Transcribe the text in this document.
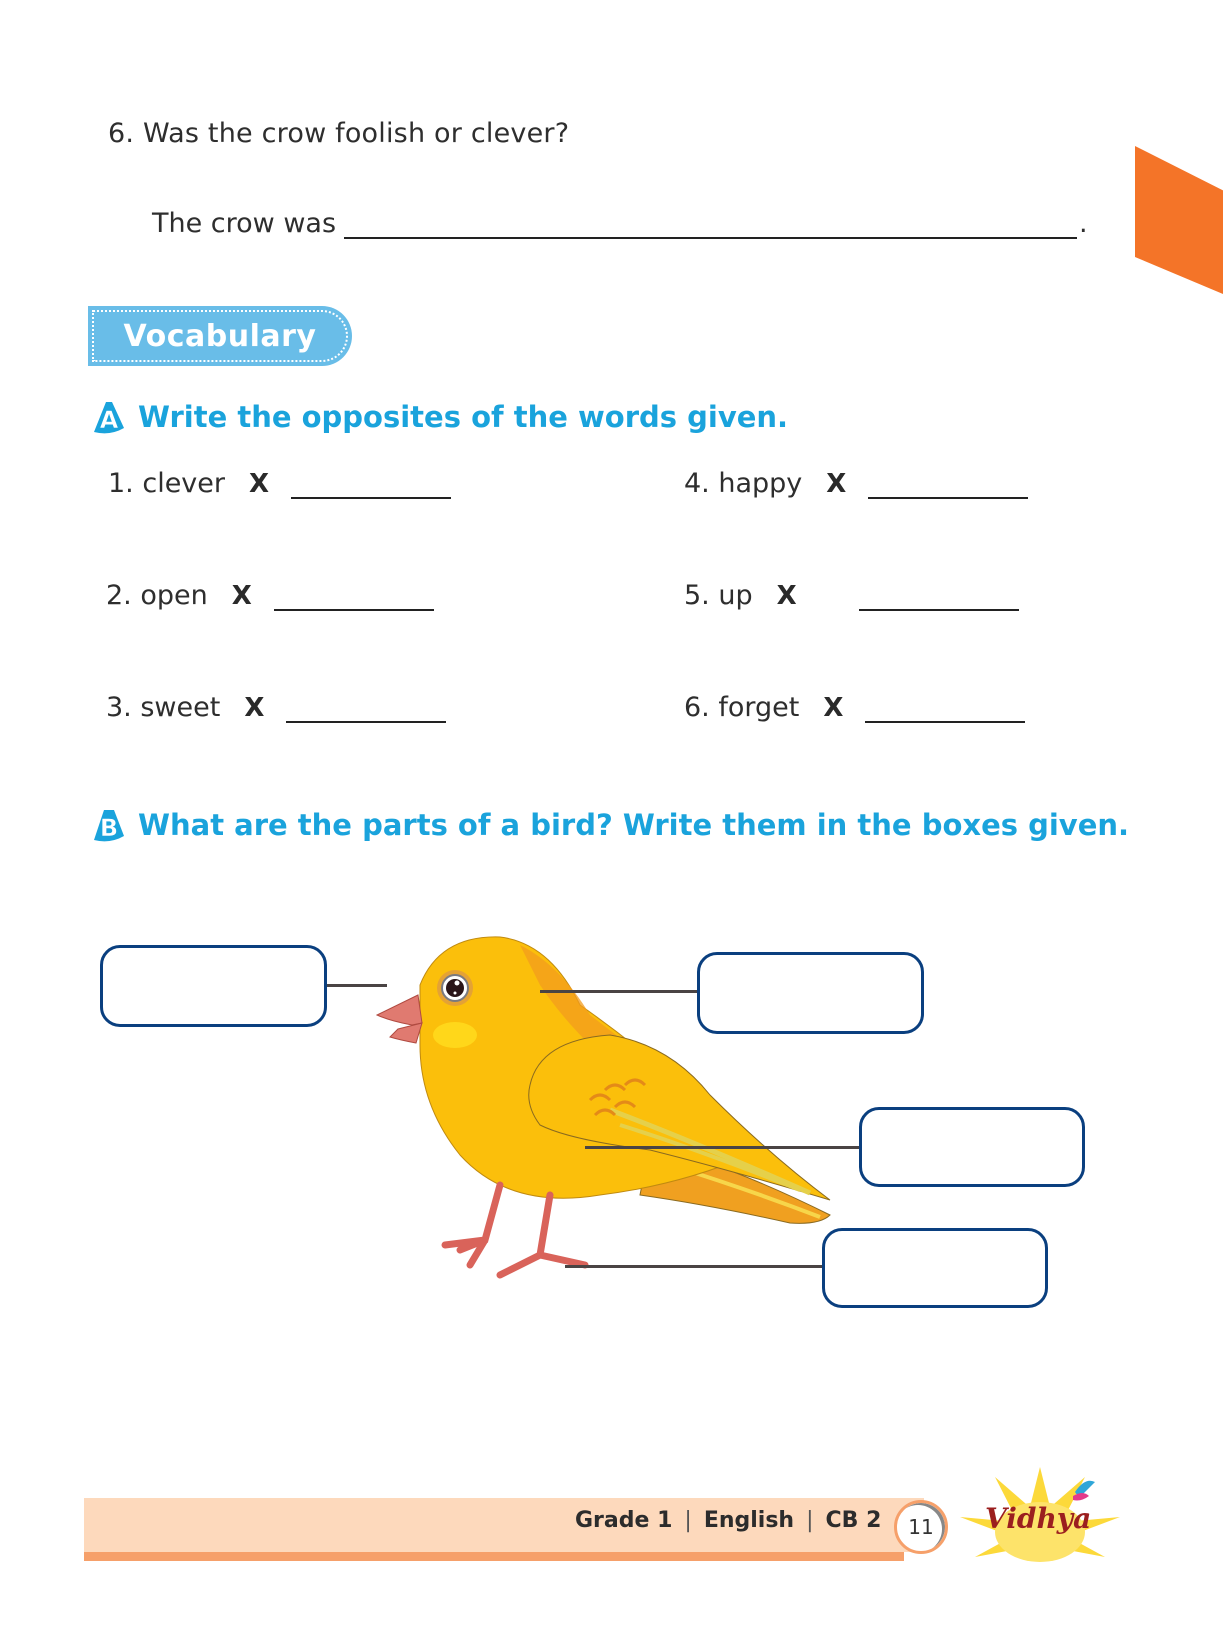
6. Was the crow foolish or clever?
The crow was	.
Vocabulary
A Write the opposites of the words given.
1. clever X
2. open X
3. sweet X
4. happy X
5. up X
6. forget X
B What are the parts of a bird? Write them in the boxes given.
Grade 1 | English | CB 2	11	Vidhya
